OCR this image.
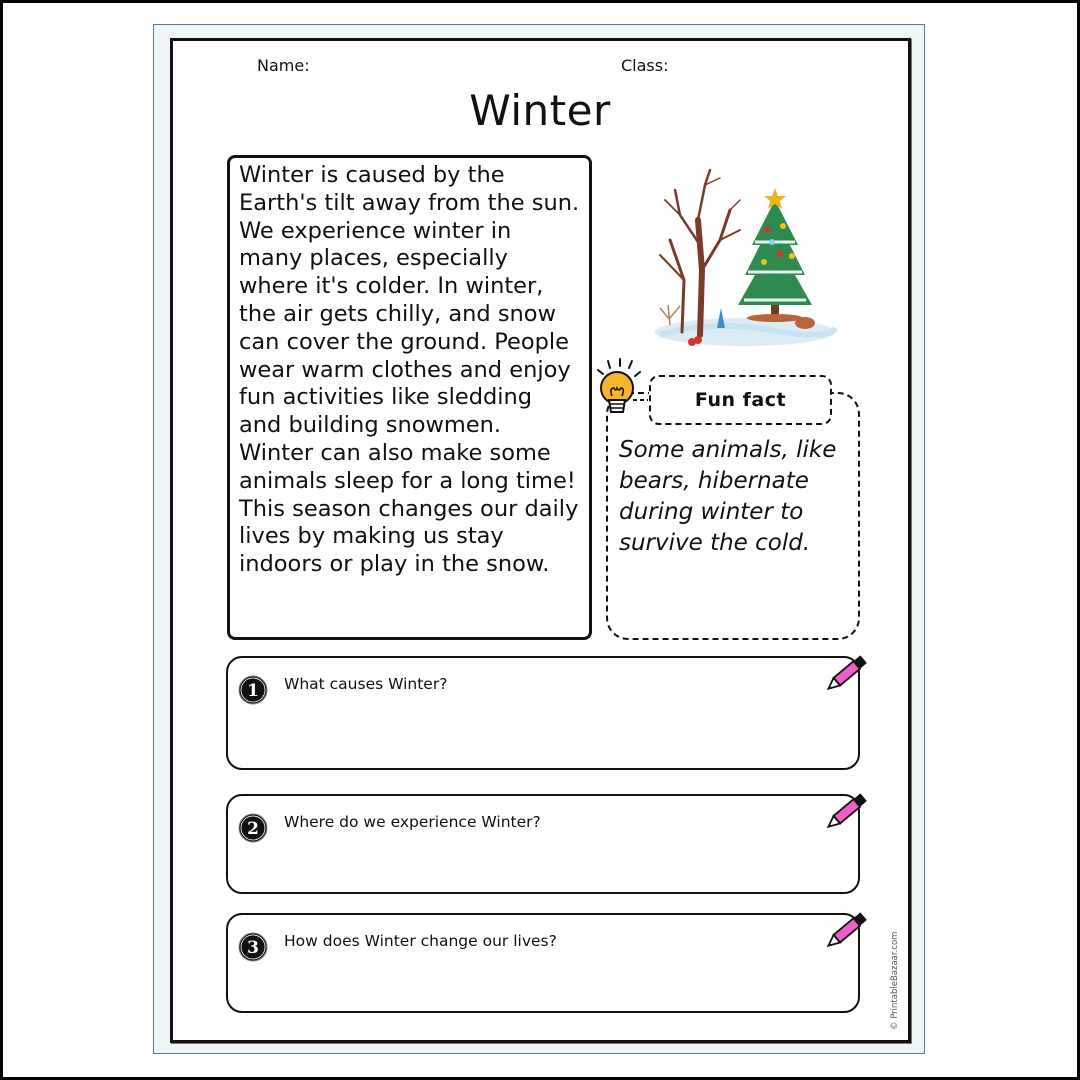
Name:	Class:
Winter
Winter is caused by the Earth's tilt away from the sun. We experience winter in many places, especially where it's colder. In winter, the air gets chilly, and snow can cover the ground. People wear warm clothes and enjoy fun activities like sledding and building snowmen. Winter can also make some animals sleep for a long time! This season changes our daily lives by making us stay indoors or play in the snow.
Fun fact
Some animals, like bears, hibernate during winter to survive the cold.
1 What causes Winter?
2 Where do we experience Winter?
3 How does Winter change our lives?	© PrintableBazaar.com
